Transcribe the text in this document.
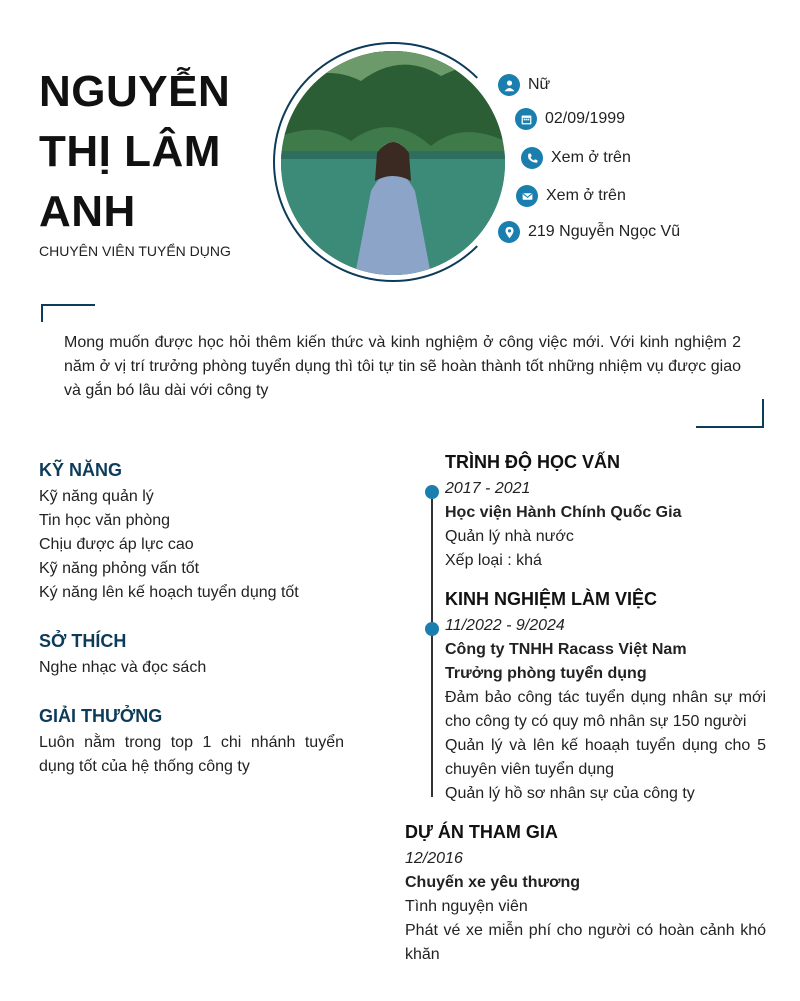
NGUYỄN
THỊ LÂM
ANH
CHUYÊN VIÊN TUYỂN DỤNG
Nữ
02/09/1999
Xem ở trên
Xem ở trên
219 Nguyễn Ngọc Vũ
Mong muốn được học hỏi thêm kiến thức và kinh nghiệm ở công việc mới. Với kinh nghiệm 2 năm ở vị trí trưởng phòng tuyển dụng thì tôi tự tin sẽ hoàn thành tốt những nhiệm vụ được giao và gắn bó lâu dài với công ty
KỸ NĂNG
Kỹ năng quản lý
Tin học văn phòng
Chịu được áp lực cao
Kỹ năng phỏng vấn tốt
Ký năng lên kế hoạch tuyển dụng tốt
SỞ THÍCH
Nghe nhạc và đọc sách
GIẢI THƯỞNG
Luôn nằm trong top 1 chi nhánh tuyển dụng tốt của hệ thống công ty
TRÌNH ĐỘ HỌC VẤN
2017 - 2021
Học viện Hành Chính Quốc Gia
Quản lý nhà nước
Xếp loại : khá
KINH NGHIỆM LÀM VIỆC
11/2022 - 9/2024
Công ty TNHH Racass Việt Nam
Trưởng phòng tuyển dụng
Đảm bảo công tác tuyển dụng nhân sự mới cho công ty có quy mô nhân sự 150 người
Quản lý và lên kế hoaạh tuyển dụng cho 5 chuyên viên tuyển dụng
Quản lý hồ sơ nhân sự của công ty
DỰ ÁN THAM GIA
12/2016
Chuyến xe yêu thương
Tình nguyện viên
Phát vé xe miễn phí cho người có hoàn cảnh khó khăn
